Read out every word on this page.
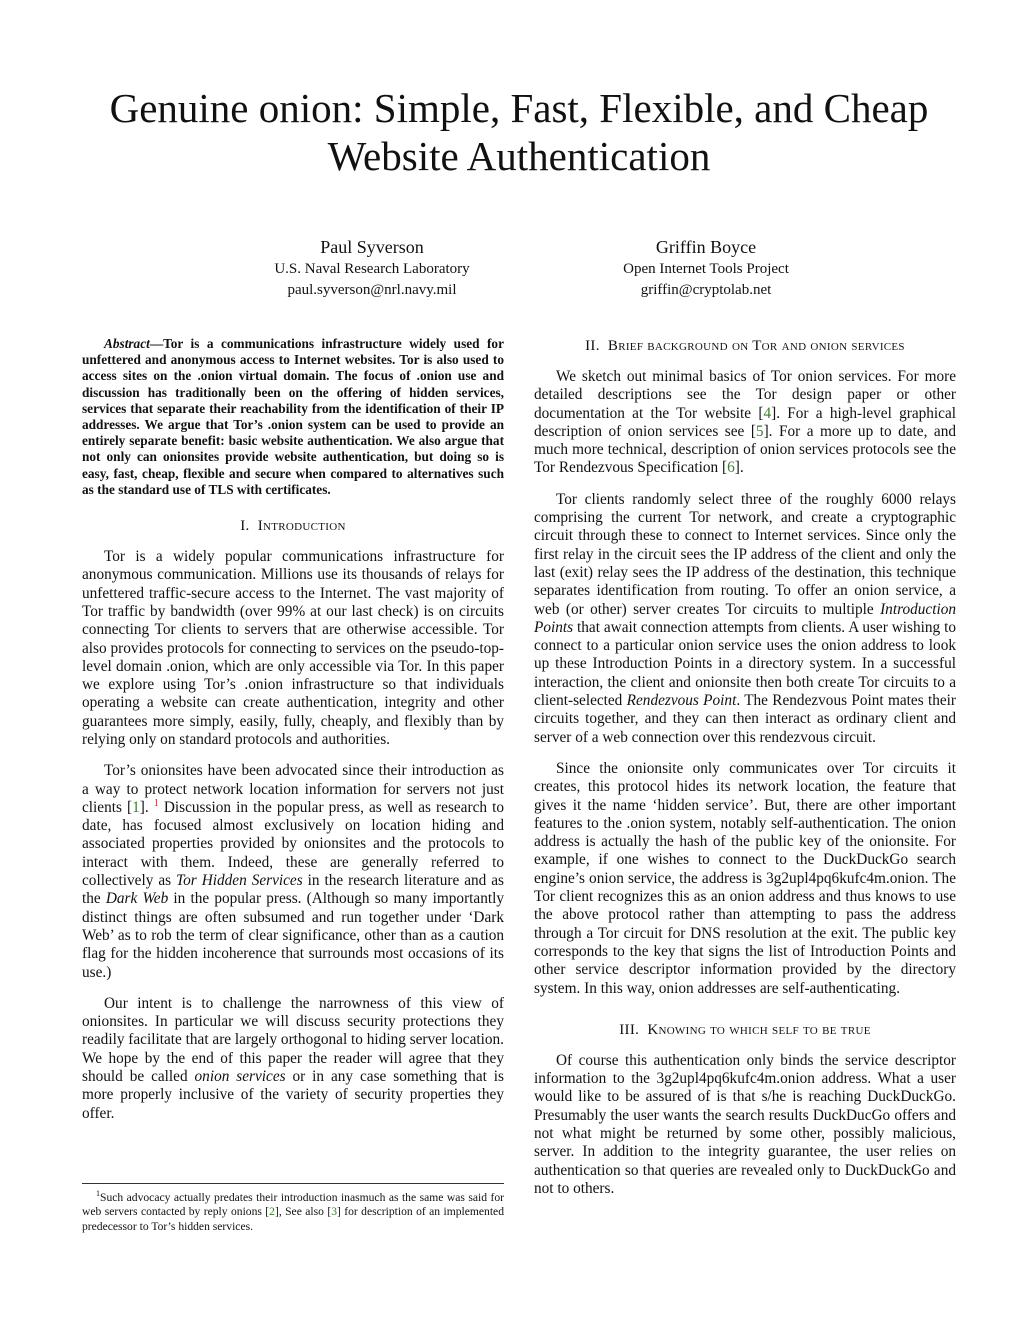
Genuine onion: Simple, Fast, Flexible, and Cheap Website Authentication
Paul Syverson
U.S. Naval Research Laboratory
paul.syverson@nrl.navy.mil
Griffin Boyce
Open Internet Tools Project
griffin@cryptolab.net

Abstract—Tor is a communications infrastructure widely used for unfettered and anonymous access to Internet websites. Tor is also used to access sites on the .onion virtual domain. The focus of .onion use and discussion has traditionally been on the offering of hidden services, services that separate their reachability from the identification of their IP addresses. We argue that Tor’s .onion system can be used to provide an entirely separate benefit: basic website authentication. We also argue that not only can onionsites provide website authentication, but doing so is easy, fast, cheap, flexible and secure when compared to alternatives such as the standard use of TLS with certificates.

I. Introduction

Tor is a widely popular communications infrastructure for anonymous communication. Millions use its thousands of relays for unfettered traffic-secure access to the Internet. The vast majority of Tor traffic by bandwidth (over 99% at our last check) is on circuits connecting Tor clients to servers that are otherwise accessible. Tor also provides protocols for connecting to services on the pseudo-top-level domain .onion, which are only accessible via Tor. In this paper we explore using Tor’s .onion infrastructure so that individuals operating a website can create authentication, integrity and other guarantees more simply, easily, fully, cheaply, and flexibly than by relying only on standard protocols and authorities.

Tor’s onionsites have been advocated since their introduction as a way to protect network location information for servers not just clients [1]. $^1$ Discussion in the popular press, as well as research to date, has focused almost exclusively on location hiding and associated properties provided by onionsites and the protocols to interact with them. Indeed, these are generally referred to collectively as Tor Hidden Services in the research literature and as the Dark Web in the popular press. (Although so many importantly distinct things are often subsumed and run together under ‘Dark Web’ as to rob the term of clear significance, other than as a caution flag for the hidden incoherence that surrounds most occasions of its use.)

Our intent is to challenge the narrowness of this view of onionsites. In particular we will discuss security protections they readily facilitate that are largely orthogonal to hiding server location. We hope by the end of this paper the reader will agree that they should be called onion services or in any case something that is more properly inclusive of the variety of security properties they offer.

$^1$Such advocacy actually predates their introduction inasmuch as the same was said for web servers contacted by reply onions [2], See also [3] for description of an implemented predecessor to Tor’s hidden services.
II. Brief background on Tor and onion services

We sketch out minimal basics of Tor onion services. For more detailed descriptions see the Tor design paper or other documentation at the Tor website [4]. For a high-level graphical description of onion services see [5]. For a more up to date, and much more technical, description of onion services protocols see the Tor Rendezvous Specification [6].

Tor clients randomly select three of the roughly 6000 relays comprising the current Tor network, and create a cryptographic circuit through these to connect to Internet services. Since only the first relay in the circuit sees the IP address of the client and only the last (exit) relay sees the IP address of the destination, this technique separates identification from routing. To offer an onion service, a web (or other) server creates Tor circuits to multiple Introduction Points that await connection attempts from clients. A user wishing to connect to a particular onion service uses the onion address to look up these Introduction Points in a directory system. In a successful interaction, the client and onionsite then both create Tor circuits to a client-selected Rendezvous Point. The Rendezvous Point mates their circuits together, and they can then interact as ordinary client and server of a web connection over this rendezvous circuit.

Since the onionsite only communicates over Tor circuits it creates, this protocol hides its network location, the feature that gives it the name ‘hidden service’. But, there are other important features to the .onion system, notably self-authentication. The onion address is actually the hash of the public key of the onionsite. For example, if one wishes to connect to the DuckDuckGo search engine’s onion service, the address is 3g2upl4pq6kufc4m.onion. The Tor client recognizes this as an onion address and thus knows to use the above protocol rather than attempting to pass the address through a Tor circuit for DNS resolution at the exit. The public key corresponds to the key that signs the list of Introduction Points and other service descriptor information provided by the directory system. In this way, onion addresses are self-authenticating.

III. Knowing to which self to be true

Of course this authentication only binds the service descriptor information to the 3g2upl4pq6kufc4m.onion address. What a user would like to be assured of is that s/he is reaching DuckDuckGo. Presumably the user wants the search results DuckDucGo offers and not what might be returned by some other, possibly malicious, server. In addition to the integrity guarantee, the user relies on authentication so that queries are revealed only to DuckDuckGo and not to others.
